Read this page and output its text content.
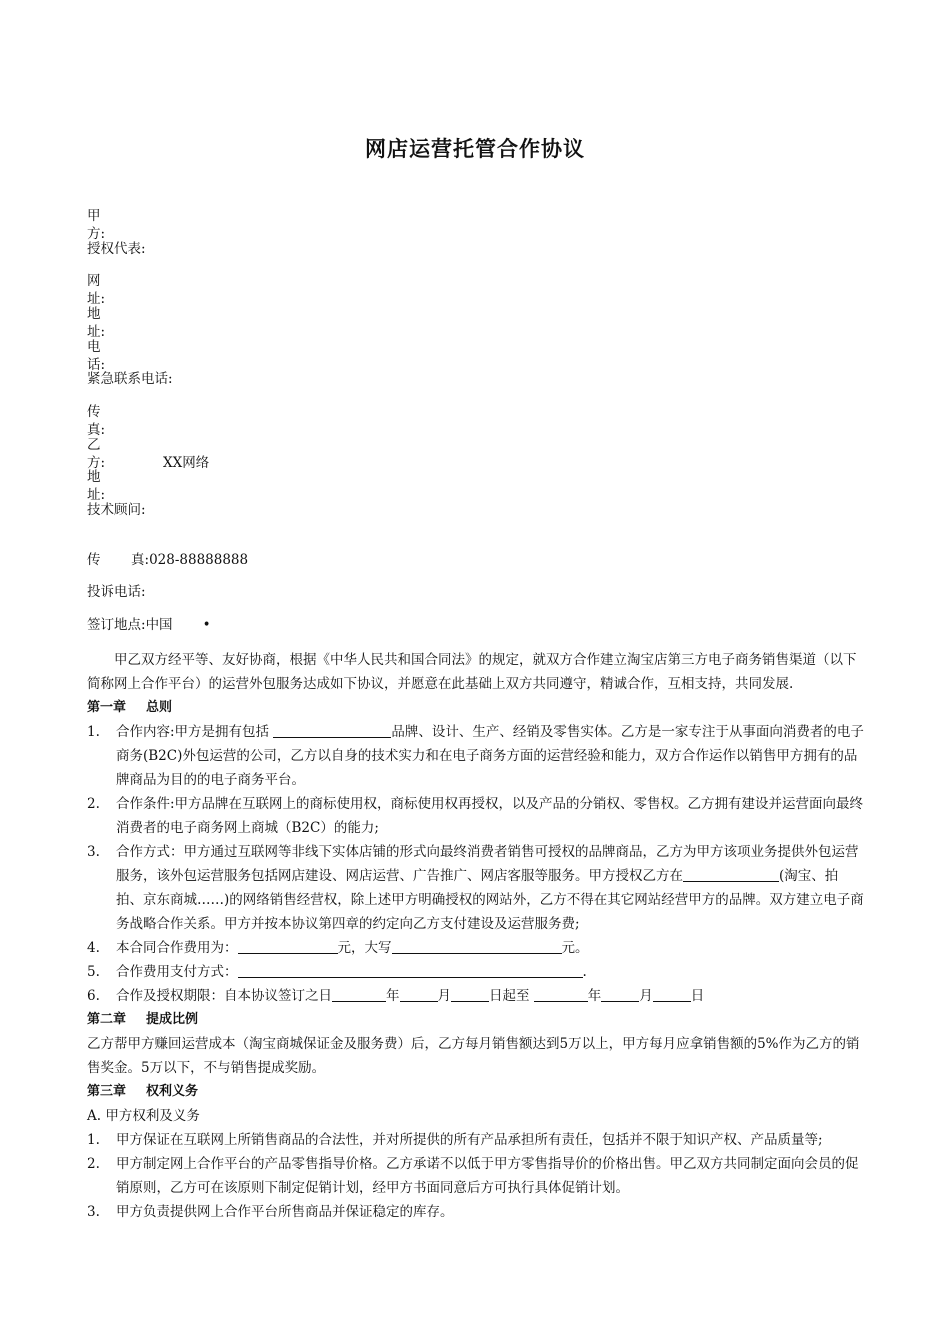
网店运营托管合作协议
甲方:
授权代表:
网址:
地址:
电话:
紧急联系电话:
传真:
乙方:	XX网络
地址:
技术顾问:
传 真:028-88888888
投诉电话:
签订地点:中国 •

甲乙双方经平等、友好协商，根据《中华人民共和国合同法》的规定，就双方合作建立淘宝店第三方电子商务销售渠道（以下简称网上合作平台）的运营外包服务达成如下协议，并愿意在此基础上双方共同遵守，精诚合作，互相支持，共同发展.

第一章 总则

1.	合作内容:甲方是拥有包括	品牌、设计、生产、经销及零售实体。乙方是一家专注于从事面向消费者的电子商务(B2C)外包运营的公司，乙方以自身的技术实力和在电子商务方面的运营经验和能力，双方合作运作以销售甲方拥有的品牌商品为目的的电子商务平台。
2.	合作条件:甲方品牌在互联网上的商标使用权，商标使用权再授权，以及产品的分销权、零售权。乙方拥有建设并运营面向最终消费者的电子商务网上商城（B2C）的能力;
3.	合作方式：甲方通过互联网等非线下实体店铺的形式向最终消费者销售可授权的品牌商品，乙方为甲方该项业务提供外包运营服务，该外包运营服务包括网店建设、网店运营、广告推广、网店客服等服务。甲方授权乙方在	(淘宝、拍拍、京东商城……)的网络销售经营权，除上述甲方明确授权的网站外，乙方不得在其它网站经营甲方的品牌。双方建立电子商务战略合作关系。甲方并按本协议第四章的约定向乙方支付建设及运营服务费;
4.	本合同合作费用为：	元，大写	元。
5.	合作费用支付方式：	.
6.	合作及授权期限：自本协议签订之日	年	月	日起至	年	月	日

第二章 提成比例

乙方帮甲方赚回运营成本（淘宝商城保证金及服务费）后，乙方每月销售额达到5万以上，甲方每月应拿销售额的5%作为乙方的销售奖金。5万以下，不与销售提成奖励。

第三章 权利义务

A. 甲方权利及义务

1.	甲方保证在互联网上所销售商品的合法性，并对所提供的所有产品承担所有责任，包括并不限于知识产权、产品质量等;
2.	甲方制定网上合作平台的产品零售指导价格。乙方承诺不以低于甲方零售指导价的价格出售。甲乙双方共同制定面向会员的促销原则，乙方可在该原则下制定促销计划，经甲方书面同意后方可执行具体促销计划。
3.	甲方负责提供网上合作平台所售商品并保证稳定的库存。
